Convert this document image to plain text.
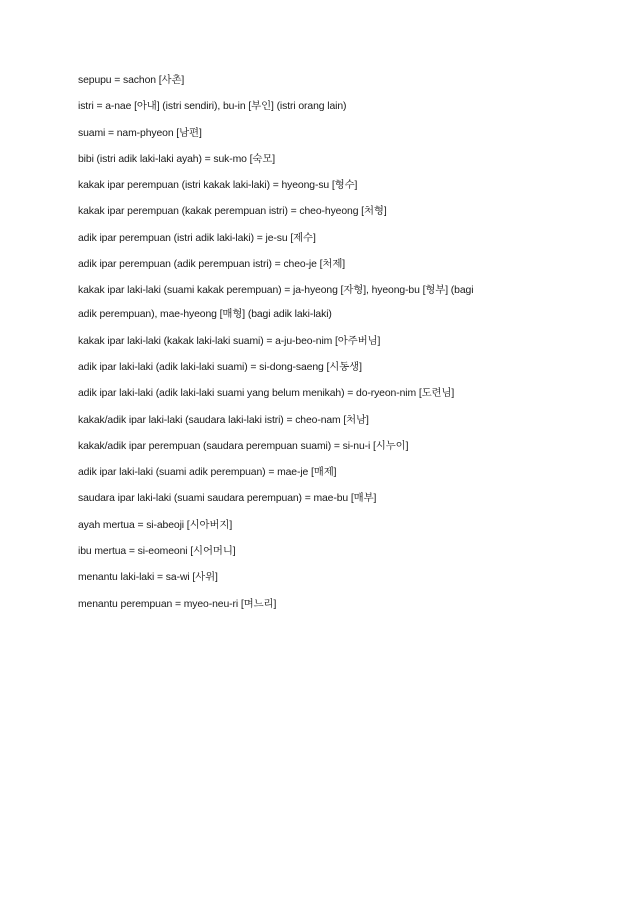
sepupu = sachon [사촌]

istri = a-nae [아내] (istri sendiri), bu-in [부인] (istri orang lain)

suami = nam-phyeon [남편]

bibi (istri adik laki-laki ayah) = suk-mo [숙모]

kakak ipar perempuan (istri kakak laki-laki) = hyeong-su [형수]

kakak ipar perempuan (kakak perempuan istri) = cheo-hyeong [처형]

adik ipar perempuan (istri adik laki-laki) = je-su [제수]

adik ipar perempuan (adik perempuan istri) = cheo-je [처제]

kakak ipar laki-laki (suami kakak perempuan) = ja-hyeong [자형], hyeong-bu [형부] (bagi

adik perempuan), mae-hyeong [매형] (bagi adik laki-laki)

kakak ipar laki-laki (kakak laki-laki suami) = a-ju-beo-nim [아주버님]

adik ipar laki-laki (adik laki-laki suami) = si-dong-saeng [시동생]

adik ipar laki-laki (adik laki-laki suami yang belum menikah) = do-ryeon-nim [도련님]

kakak/adik ipar laki-laki (saudara laki-laki istri) = cheo-nam [처남]

kakak/adik ipar perempuan (saudara perempuan suami) = si-nu-i [시누이]

adik ipar laki-laki (suami adik perempuan) = mae-je [매제]

saudara ipar laki-laki (suami saudara perempuan) = mae-bu [매부]

ayah mertua = si-abeoji [시아버지]

ibu mertua = si-eomeoni [시어머니]

menantu laki-laki = sa-wi [사위]

menantu perempuan = myeo-neu-ri [며느리]
